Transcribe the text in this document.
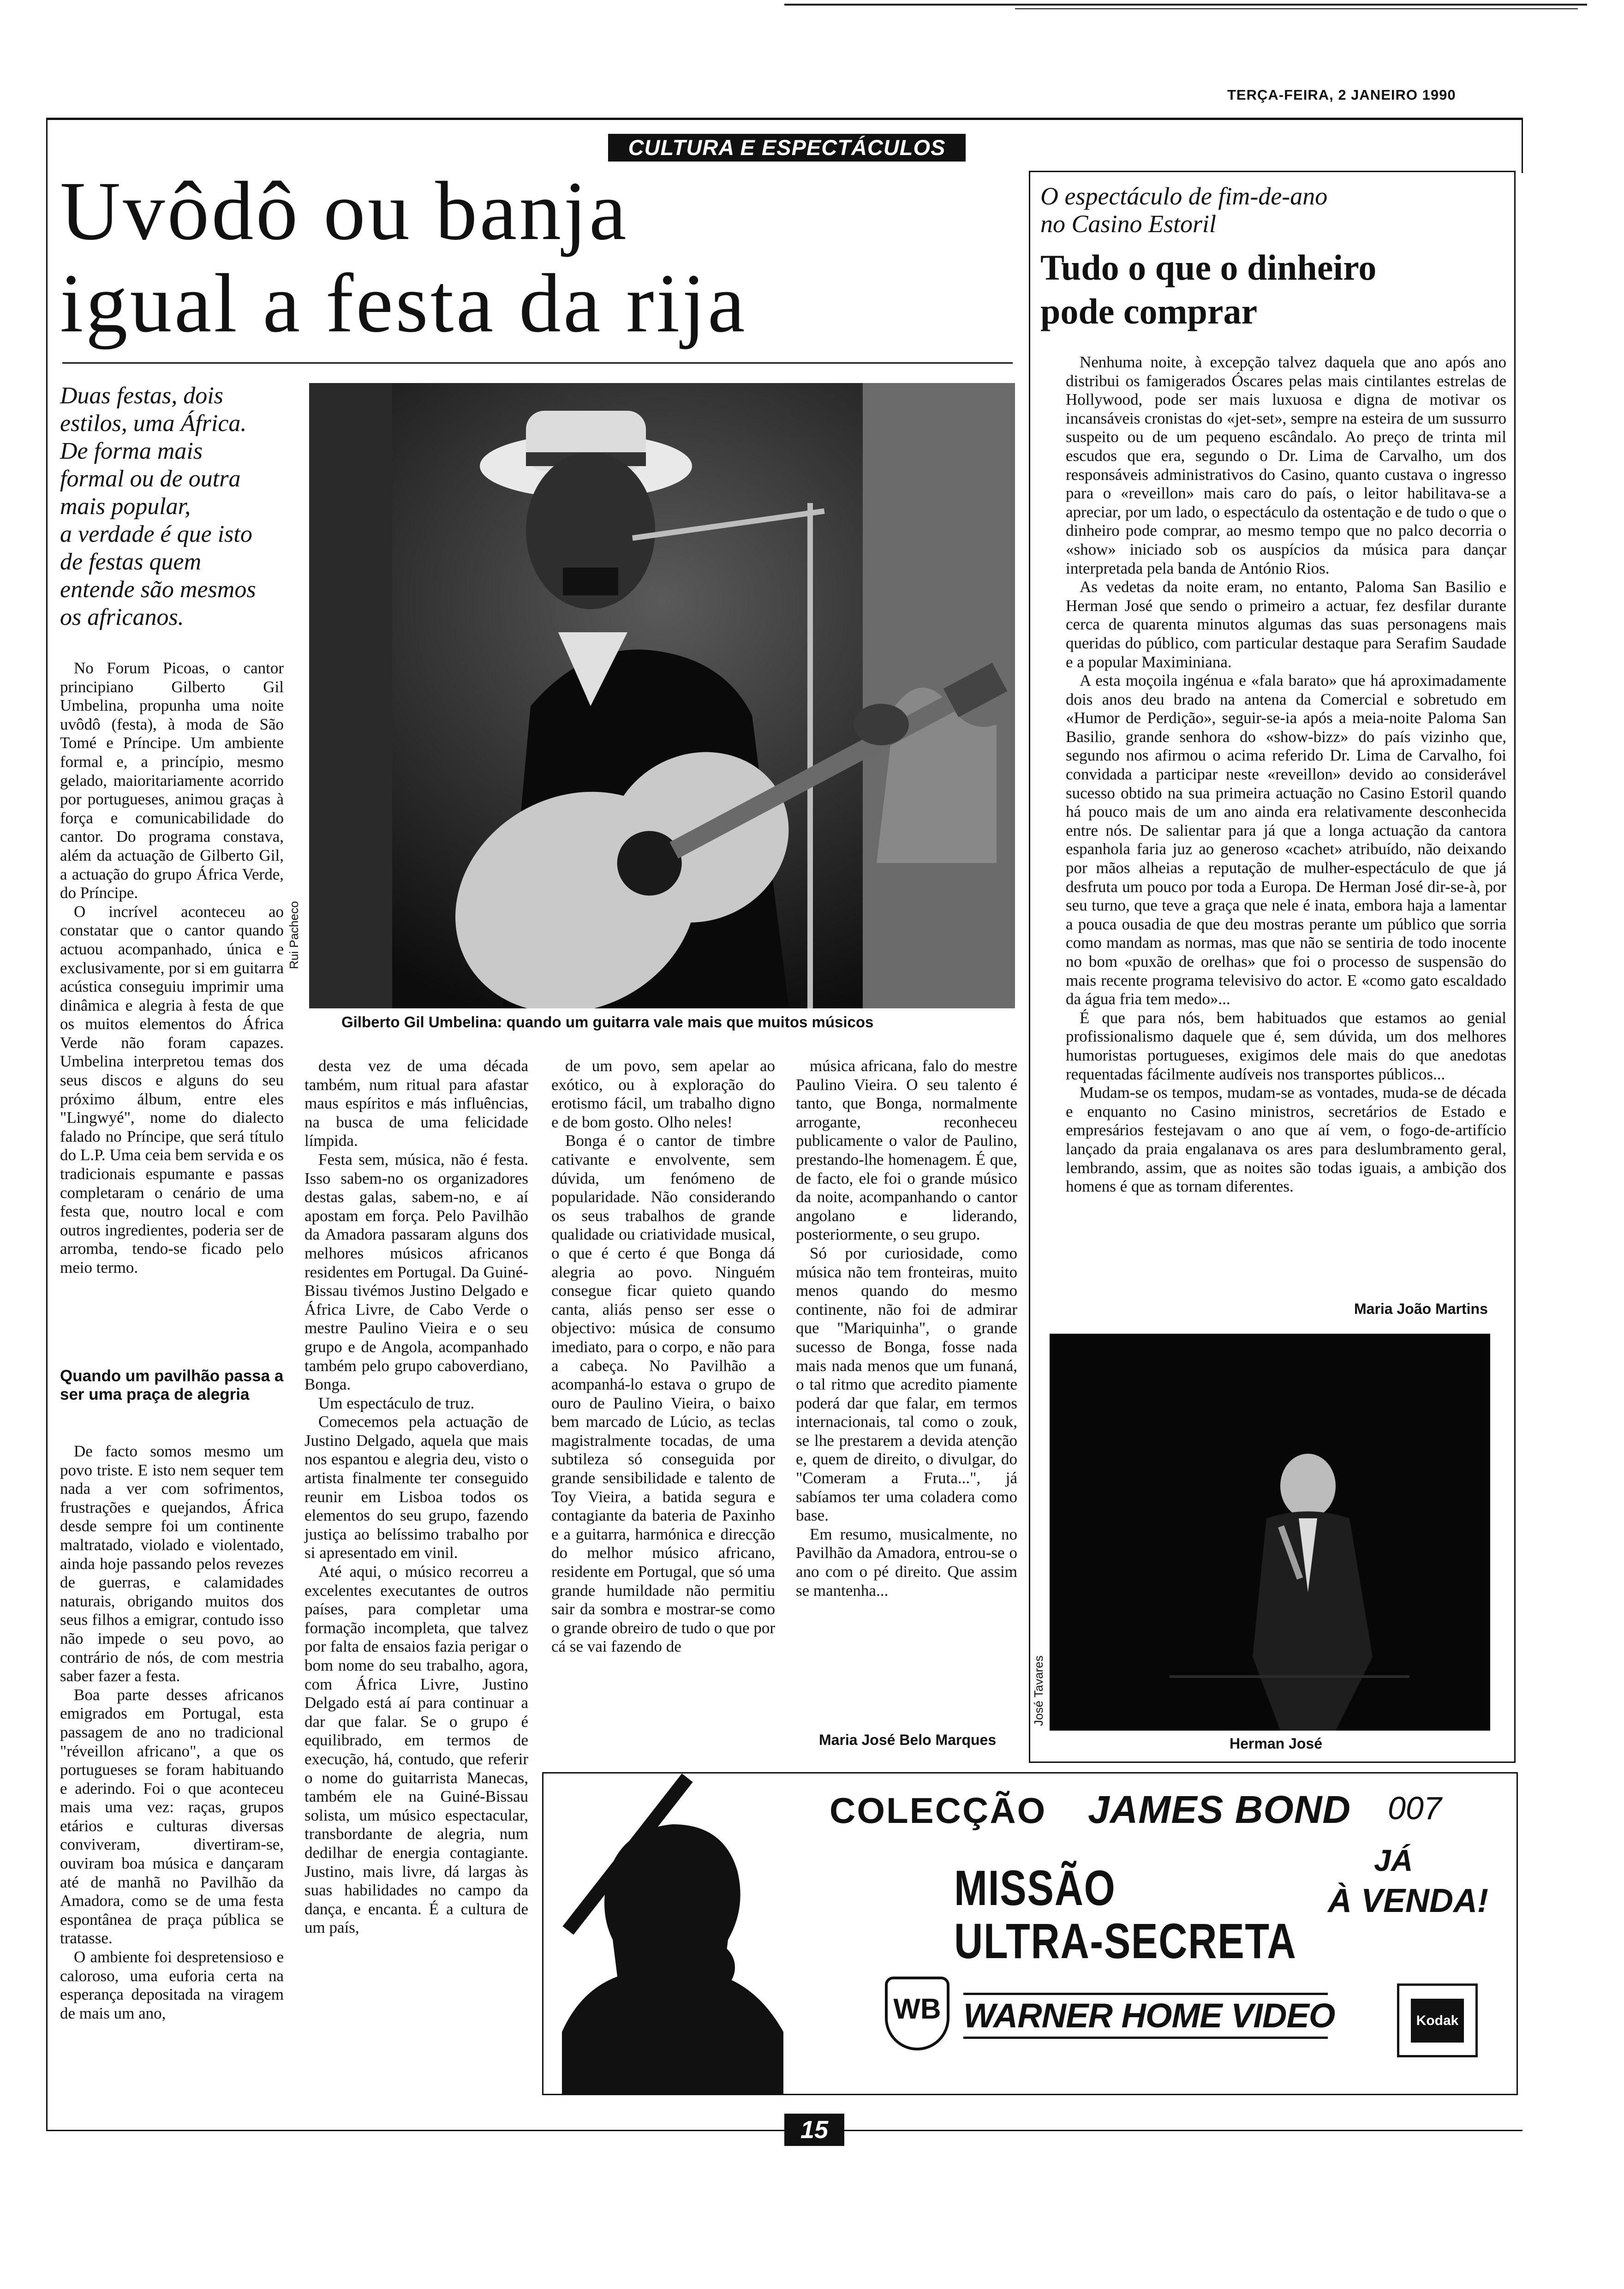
TERÇA-FEIRA, 2 JANEIRO 1990
CULTURA E ESPECTÁCULOS
Uvôdô ou banja
igual a festa da rija
Duas festas, dois
estilos, uma África.
De forma mais
formal ou de outra
mais popular,
a verdade é que isto
de festas quem
entende são mesmos
os africanos.
Rui Pacheco
Gilberto Gil Umbelina: quando um guitarra vale mais que muitos músicos

No Forum Picoas, o cantor principiano Gilberto Gil Umbelina, propunha uma noite uvôdô (festa), à moda de São Tomé e Príncipe. Um ambiente formal e, a princípio, mesmo gelado, maioritariamente acorrido por portugueses, animou graças à força e comunicabilidade do cantor. Do programa constava, além da actuação de Gilberto Gil, a actuação do grupo África Verde, do Príncipe.

O incrível aconteceu ao constatar que o cantor quando actuou acompanhado, única e exclusivamente, por si em guitarra acústica conseguiu imprimir uma dinâmica e alegria à festa de que os muitos elementos do África Verde não foram capazes. Umbelina interpretou temas dos seus discos e alguns do seu próximo álbum, entre eles "Lingwyé", nome do dialecto falado no Príncipe, que será título do L.P. Uma ceia bem servida e os tradicionais espumante e passas completaram o cenário de uma festa que, noutro local e com outros ingredientes, poderia ser de arromba, tendo-se ficado pelo meio termo.

Quando um pavilhão passa a ser uma praça de alegria

De facto somos mesmo um povo triste. E isto nem sequer tem nada a ver com sofrimentos, frustrações e quejandos, África desde sempre foi um continente maltratado, violado e violentado, ainda hoje passando pelos revezes de guerras, e calamidades naturais, obrigando muitos dos seus filhos a emigrar, contudo isso não impede o seu povo, ao contrário de nós, de com mestria saber fazer a festa.

Boa parte desses africanos emigrados em Portugal, esta passagem de ano no tradicional "réveillon africano", a que os portugueses se foram habituando e aderindo. Foi o que aconteceu mais uma vez: raças, grupos etários e culturas diversas conviveram, divertiram-se, ouviram boa música e dançaram até de manhã no Pavilhão da Amadora, como se de uma festa espontânea de praça pública se tratasse.

O ambiente foi despretensioso e caloroso, uma euforia certa na esperança depositada na viragem de mais um ano,

desta vez de uma década também, num ritual para afastar maus espíritos e más influências, na busca de uma felicidade límpida.

Festa sem, música, não é festa. Isso sabem-no os organizadores destas galas, sabem-no, e aí apostam em força. Pelo Pavilhão da Amadora passaram alguns dos melhores músicos africanos residentes em Portugal. Da Guiné-Bissau tivémos Justino Delgado e África Livre, de Cabo Verde o mestre Paulino Vieira e o seu grupo e de Angola, acompanhado também pelo grupo caboverdiano, Bonga.

Um espectáculo de truz.

Comecemos pela actuação de Justino Delgado, aquela que mais nos espantou e alegria deu, visto o artista finalmente ter conseguido reunir em Lisboa todos os elementos do seu grupo, fazendo justiça ao belíssimo trabalho por si apresentado em vinil.

Até aqui, o músico recorreu a excelentes executantes de outros países, para completar uma formação incompleta, que talvez por falta de ensaios fazia perigar o bom nome do seu trabalho, agora, com África Livre, Justino Delgado está aí para continuar a dar que falar. Se o grupo é equilibrado, em termos de execução, há, contudo, que referir o nome do guitarrista Manecas, também ele na Guiné-Bissau solista, um músico espectacular, transbordante de alegria, num dedilhar de energia contagiante. Justino, mais livre, dá largas às suas habilidades no campo da dança, e encanta. É a cultura de um país,

de um povo, sem apelar ao exótico, ou à exploração do erotismo fácil, um trabalho digno e de bom gosto. Olho neles!

Bonga é o cantor de timbre cativante e envolvente, sem dúvida, um fenómeno de popularidade. Não considerando os seus trabalhos de grande qualidade ou criatividade musical, o que é certo é que Bonga dá alegria ao povo. Ninguém consegue ficar quieto quando canta, aliás penso ser esse o objectivo: música de consumo imediato, para o corpo, e não para a cabeça. No Pavilhão a acompanhá-lo estava o grupo de ouro de Paulino Vieira, o baixo bem marcado de Lúcio, as teclas magistralmente tocadas, de uma subtileza só conseguida por grande sensibilidade e talento de Toy Vieira, a batida segura e contagiante da bateria de Paxinho e a guitarra, harmónica e direcção do melhor músico africano, residente em Portugal, que só uma grande humildade não permitiu sair da sombra e mostrar-se como o grande obreiro de tudo o que por cá se vai fazendo de

música africana, falo do mestre Paulino Vieira. O seu talento é tanto, que Bonga, normalmente arrogante, reconheceu publicamente o valor de Paulino, prestando-lhe homenagem. É que, de facto, ele foi o grande músico da noite, acompanhando o cantor angolano e liderando, posteriormente, o seu grupo.

Só por curiosidade, como música não tem fronteiras, muito menos quando do mesmo continente, não foi de admirar que "Mariquinha", o grande sucesso de Bonga, fosse nada mais nada menos que um funaná, o tal ritmo que acredito piamente poderá dar que falar, em termos internacionais, tal como o zouk, se lhe prestarem a devida atenção e, quem de direito, o divulgar, do "Comeram a Fruta...", já sabíamos ter uma coladera como base.

Em resumo, musicalmente, no Pavilhão da Amadora, entrou-se o ano com o pé direito. Que assim se mantenha...

Maria José Belo Marques
O espectáculo de fim-de-ano
no Casino Estoril
Tudo o que o dinheiro
pode comprar

Nenhuma noite, à excepção talvez daquela que ano após ano distribui os famigerados Óscares pelas mais cintilantes estrelas de Hollywood, pode ser mais luxuosa e digna de motivar os incansáveis cronistas do «jet-set», sempre na esteira de um sussurro suspeito ou de um pequeno escândalo. Ao preço de trinta mil escudos que era, segundo o Dr. Lima de Carvalho, um dos responsáveis administrativos do Casino, quanto custava o ingresso para o «reveillon» mais caro do país, o leitor habilitava-se a apreciar, por um lado, o espectáculo da ostentação e de tudo o que o dinheiro pode comprar, ao mesmo tempo que no palco decorria o «show» iniciado sob os auspícios da música para dançar interpretada pela banda de António Rios.

As vedetas da noite eram, no entanto, Paloma San Basilio e Herman José que sendo o primeiro a actuar, fez desfilar durante cerca de quarenta minutos algumas das suas personagens mais queridas do público, com particular destaque para Serafim Saudade e a popular Maximiniana.

A esta moçoila ingénua e «fala barato» que há aproximadamente dois anos deu brado na antena da Comercial e sobretudo em «Humor de Perdição», seguir-se-ia após a meia-noite Paloma San Basilio, grande senhora do «show-bizz» do país vizinho que, segundo nos afirmou o acima referido Dr. Lima de Carvalho, foi convidada a participar neste «reveillon» devido ao considerável sucesso obtido na sua primeira actuação no Casino Estoril quando há pouco mais de um ano ainda era relativamente desconhecida entre nós. De salientar para já que a longa actuação da cantora espanhola faria juz ao generoso «cachet» atribuído, não deixando por mãos alheias a reputação de mulher-espectáculo de que já desfruta um pouco por toda a Europa. De Herman José dir-se-à, por seu turno, que teve a graça que nele é inata, embora haja a lamentar a pouca ousadia de que deu mostras perante um público que sorria como mandam as normas, mas que não se sentiria de todo inocente no bom «puxão de orelhas» que foi o processo de suspensão do mais recente programa televisivo do actor. E «como gato escaldado da água fria tem medo»...

É que para nós, bem habituados que estamos ao genial profissionalismo daquele que é, sem dúvida, um dos melhores humoristas portugueses, exigimos dele mais do que anedotas requentadas fácilmente audíveis nos transportes públicos...

Mudam-se os tempos, mudam-se as vontades, muda-se de década e enquanto no Casino ministros, secretários de Estado e empresários festejavam o ano que aí vem, o fogo-de-artifício lançado da praia engalanava os ares para deslumbramento geral, lembrando, assim, que as noites são todas iguais, a ambição dos homens é que as tornam diferentes.

Maria João Martins
José Tavares
Herman José
COLECÇÃO JAMES BOND 007
MISSÃO
ULTRA-SECRETA
JÁ
À VENDA!
WB WARNER HOME VIDEO	Kodak
15
